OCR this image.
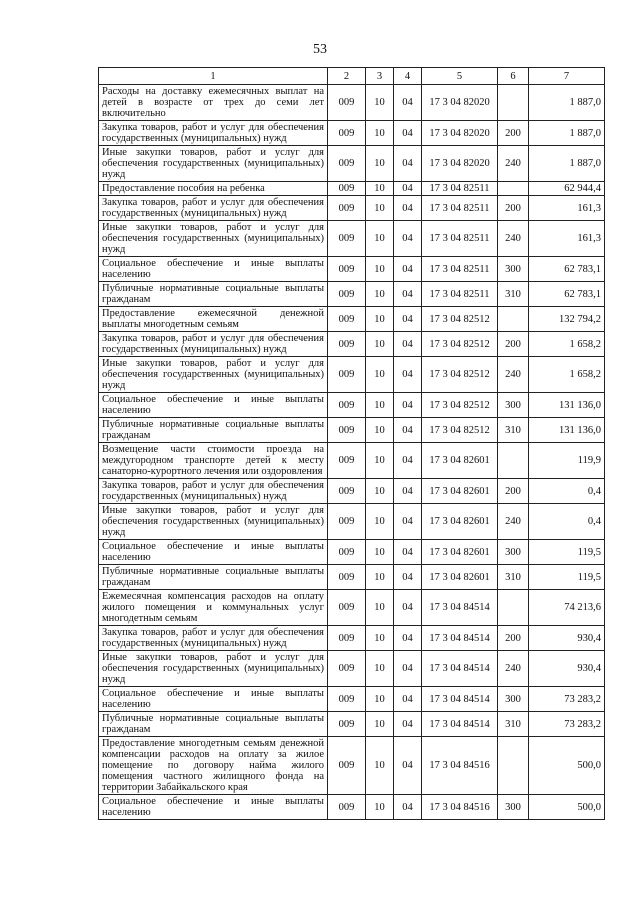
53
1	2	3	4	5	6	7
Расходы на доставку ежемесячных выплат на детей в возрасте от трех до семи лет включительно	009	10	04	17 3 04 82020		1 887,0
Закупка товаров, работ и услуг для обеспечения государственных (муниципальных) нужд	009	10	04	17 3 04 82020	200	1 887,0
Иные закупки товаров, работ и услуг для обеспечения государственных (муниципальных) нужд	009	10	04	17 3 04 82020	240	1 887,0
Предоставление пособия на ребенка	009	10	04	17 3 04 82511		62 944,4
Закупка товаров, работ и услуг для обеспечения государственных (муниципальных) нужд	009	10	04	17 3 04 82511	200	161,3
Иные закупки товаров, работ и услуг для обеспечения государственных (муниципальных) нужд	009	10	04	17 3 04 82511	240	161,3
Социальное обеспечение и иные выплаты населению	009	10	04	17 3 04 82511	300	62 783,1
Публичные нормативные социальные выплаты гражданам	009	10	04	17 3 04 82511	310	62 783,1
Предоставление ежемесячной денежной выплаты многодетным семьям	009	10	04	17 3 04 82512		132 794,2
Закупка товаров, работ и услуг для обеспечения государственных (муниципальных) нужд	009	10	04	17 3 04 82512	200	1 658,2
Иные закупки товаров, работ и услуг для обеспечения государственных (муниципальных) нужд	009	10	04	17 3 04 82512	240	1 658,2
Социальное обеспечение и иные выплаты населению	009	10	04	17 3 04 82512	300	131 136,0
Публичные нормативные социальные выплаты гражданам	009	10	04	17 3 04 82512	310	131 136,0
Возмещение части стоимости проезда на междугородном транспорте детей к месту санаторно-курортного лечения или оздоровления	009	10	04	17 3 04 82601		119,9
Закупка товаров, работ и услуг для обеспечения государственных (муниципальных) нужд	009	10	04	17 3 04 82601	200	0,4
Иные закупки товаров, работ и услуг для обеспечения государственных (муниципальных) нужд	009	10	04	17 3 04 82601	240	0,4
Социальное обеспечение и иные выплаты населению	009	10	04	17 3 04 82601	300	119,5
Публичные нормативные социальные выплаты гражданам	009	10	04	17 3 04 82601	310	119,5
Ежемесячная компенсация расходов на оплату жилого помещения и коммунальных услуг многодетным семьям	009	10	04	17 3 04 84514		74 213,6
Закупка товаров, работ и услуг для обеспечения государственных (муниципальных) нужд	009	10	04	17 3 04 84514	200	930,4
Иные закупки товаров, работ и услуг для обеспечения государственных (муниципальных) нужд	009	10	04	17 3 04 84514	240	930,4
Социальное обеспечение и иные выплаты населению	009	10	04	17 3 04 84514	300	73 283,2
Публичные нормативные социальные выплаты гражданам	009	10	04	17 3 04 84514	310	73 283,2
Предоставление многодетным семьям денежной компенсации расходов на оплату за жилое помещение по договору найма жилого помещения частного жилищного фонда на территории Забайкальского края	009	10	04	17 3 04 84516		500,0
Социальное обеспечение и иные выплаты населению	009	10	04	17 3 04 84516	300	500,0
